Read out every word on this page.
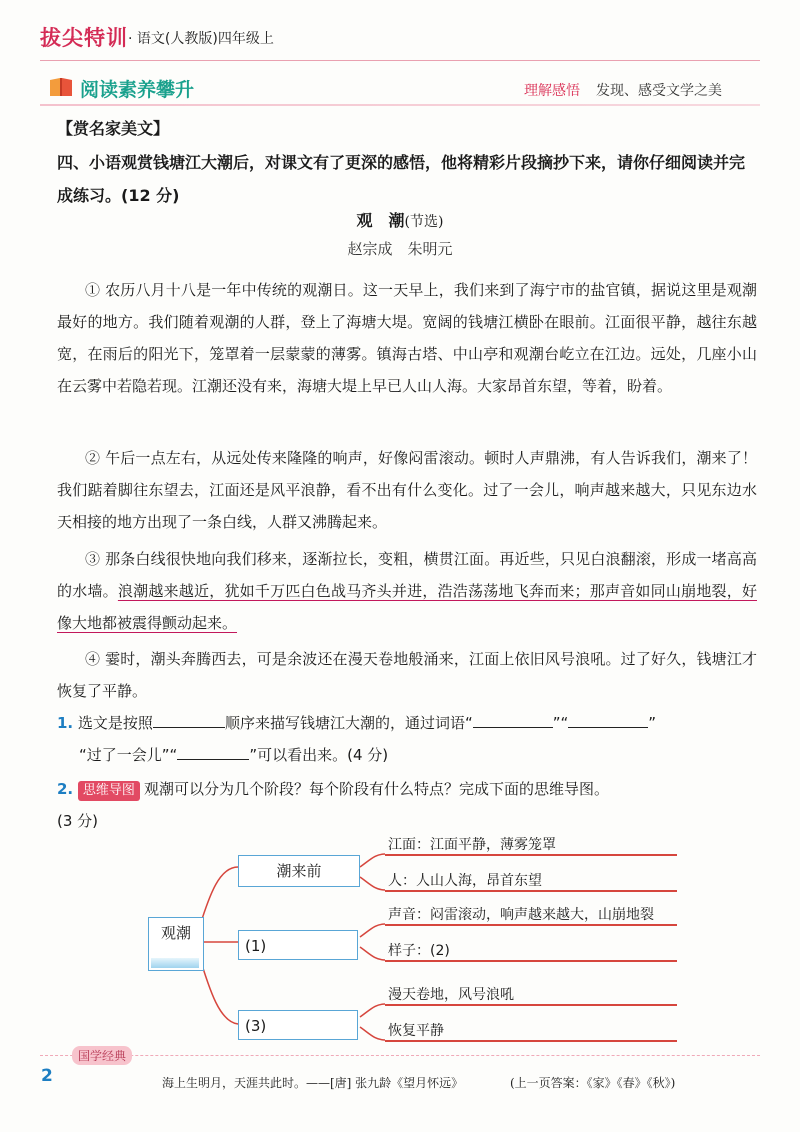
拔尖特训 · 语文(人教版)四年级上
阅读素养攀升	理解感悟 发现、感受文学之美
【赏名家美文】
四、小语观赏钱塘江大潮后，对课文有了更深的感悟，他将精彩片段摘抄下来，请你仔细阅读并完成练习。(12 分)
观　潮(节选)
赵宗成　朱明元
① 农历八月十八是一年中传统的观潮日。这一天早上，我们来到了海宁市的盐官镇，据说这里是观潮最好的地方。我们随着观潮的人群，登上了海塘大堤。宽阔的钱塘江横卧在眼前。江面很平静，越往东越宽，在雨后的阳光下，笼罩着一层蒙蒙的薄雾。镇海古塔、中山亭和观潮台屹立在江边。远处，几座小山在云雾中若隐若现。江潮还没有来，海塘大堤上早已人山人海。大家昂首东望，等着，盼着。
② 午后一点左右，从远处传来隆隆的响声，好像闷雷滚动。顿时人声鼎沸，有人告诉我们，潮来了！我们踮着脚往东望去，江面还是风平浪静，看不出有什么变化。过了一会儿，响声越来越大，只见东边水天相接的地方出现了一条白线，人群又沸腾起来。
③ 那条白线很快地向我们移来，逐渐拉长，变粗，横贯江面。再近些，只见白浪翻滚，形成一堵高高的水墙。浪潮越来越近，犹如千万匹白色战马齐头并进，浩浩荡荡地飞奔而来；那声音如同山崩地裂，好像大地都被震得颤动起来。
④ 霎时，潮头奔腾西去，可是余波还在漫天卷地般涌来，江面上依旧风号浪吼。过了好久，钱塘江才恢复了平静。
1. 选文是按照	顺序来描写钱塘江大潮的，通过词语“	”“	”
“过了一会儿”“	”可以看出来。(4 分)
2. 思维导图 观潮可以分为几个阶段？每个阶段有什么特点？完成下面的思维导图。
(3 分)
观潮
潮来前
(1)
(3)
江面：江面平静，薄雾笼罩
人：人山人海，昂首东望
声音：闷雷滚动，响声越来越大，山崩地裂
样子：(2)
漫天卷地，风号浪吼
恢复平静
国学经典
2	海上生明月，天涯共此时。——[唐] 张九龄《望月怀远》	(上一页答案：《家》《春》《秋》)
